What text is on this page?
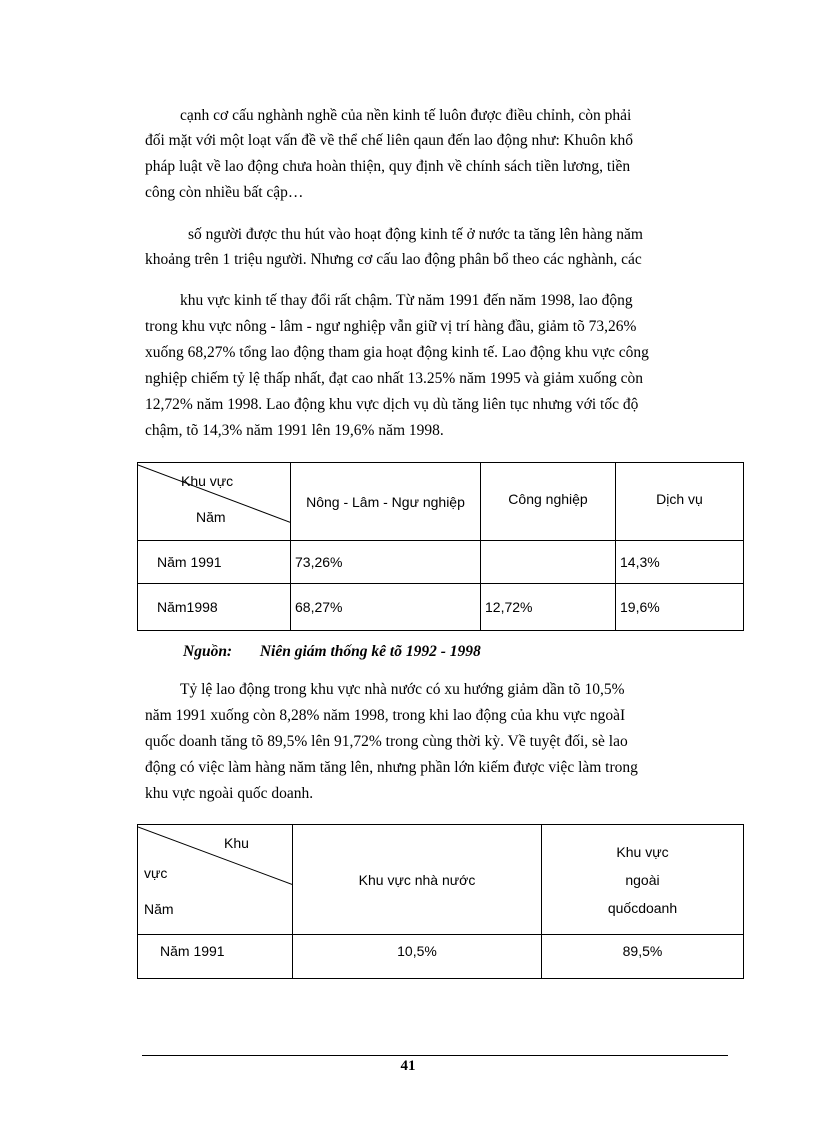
cạnh cơ cấu nghành nghề của nền kinh tế luôn được điều chỉnh, còn phải
đối mặt với một loạt vấn đề về thể chế liên qaun đến lao động như: Khuôn khổ
pháp luật về lao động chưa hoàn thiện, quy định về chính sách tiền lương, tiền
công còn nhiều bất cập…
số người được thu hút vào hoạt động kinh tế ở nước ta tăng lên hàng năm
khoảng trên 1 triệu người. Nhưng cơ cấu lao động phân bổ theo các nghành, các
khu vực kinh tế thay đổi rất chậm. Từ năm 1991 đến năm 1998, lao động
trong khu vực nông - lâm - ngư nghiệp vẫn giữ vị trí hàng đầu, giảm tõ 73,26%
xuống 68,27% tổng lao động tham gia hoạt động kinh tế. Lao động khu vực công
nghiệp chiếm tỷ lệ thấp nhất, đạt cao nhất 13.25% năm 1995 và giảm xuống còn
12,72% năm 1998. Lao động khu vực dịch vụ dù tăng liên tục nhưng với tốc độ
chậm, tõ 14,3% năm 1991 lên 19,6% năm 1998.
Khu vực
Năm	Nông - Lâm - Ngư nghiệp	Công nghiệp	Dịch vụ
Năm 1991	73,26%		14,3%
Năm1998	68,27%	12,72%	19,6%
Nguồn: Niên giám thống kê tõ 1992 - 1998
Tỷ lệ lao động trong khu vực nhà nước có xu hướng giảm dần tõ 10,5%
năm 1991 xuống còn 8,28% năm 1998, trong khi lao động của khu vực ngoàI
quốc doanh tăng tõ 89,5% lên 91,72% trong cùng thời kỳ. Về tuyệt đối, sè lao
động có việc làm hàng năm tăng lên, nhưng phần lớn kiếm được việc làm trong
khu vực ngoài quốc doanh.
Khu
vực
Năm	Khu vực nhà nước	Khu vực ngoài quốcdoanh
Năm 1991	10,5%	89,5%
41
